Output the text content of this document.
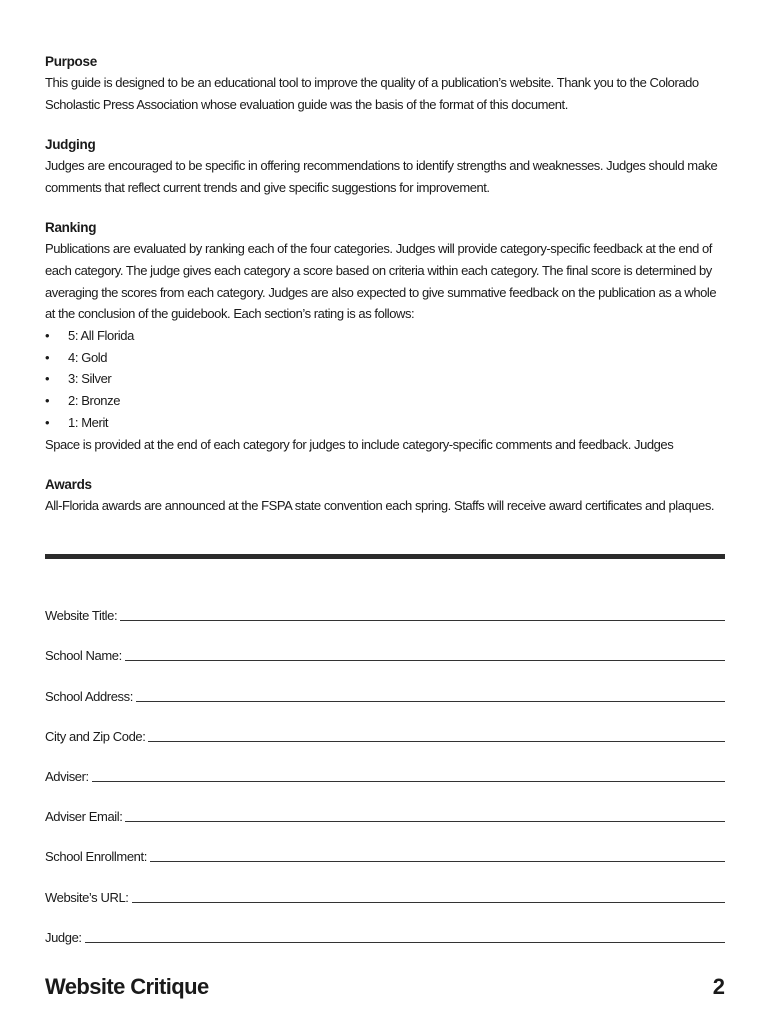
Purpose

This guide is designed to be an educational tool to improve the quality of a publication’s website. Thank you to the Colorado Scholastic Press Association whose evaluation guide was the basis of the format of this document.

Judging

Judges are encouraged to be specific in offering recommendations to identify strengths and weaknesses. Judges should make comments that reflect current trends and give specific suggestions for improvement.

Ranking

Publications are evaluated by ranking each of the four categories. Judges will provide category-specific feedback at the end of each category. The judge gives each category a score based on criteria within each category. The final score is determined by averaging the scores from each category. Judges are also expected to give summative feedback on the publication as a whole at the conclusion of the guidebook. Each section’s rating is as follows:

• 5: All Florida
• 4: Gold
• 3: Silver
• 2: Bronze
• 1: Merit

Space is provided at the end of each category for judges to include category-specific comments and feedback. Judges

Awards

All-Florida awards are announced at the FSPA state convention each spring. Staffs will receive award certificates and plaques.

Website Title:
School Name:
School Address:
City and Zip Code:
Adviser:
Adviser Email:
School Enrollment:
Website’s URL:
Judge:
Website Critique	2
